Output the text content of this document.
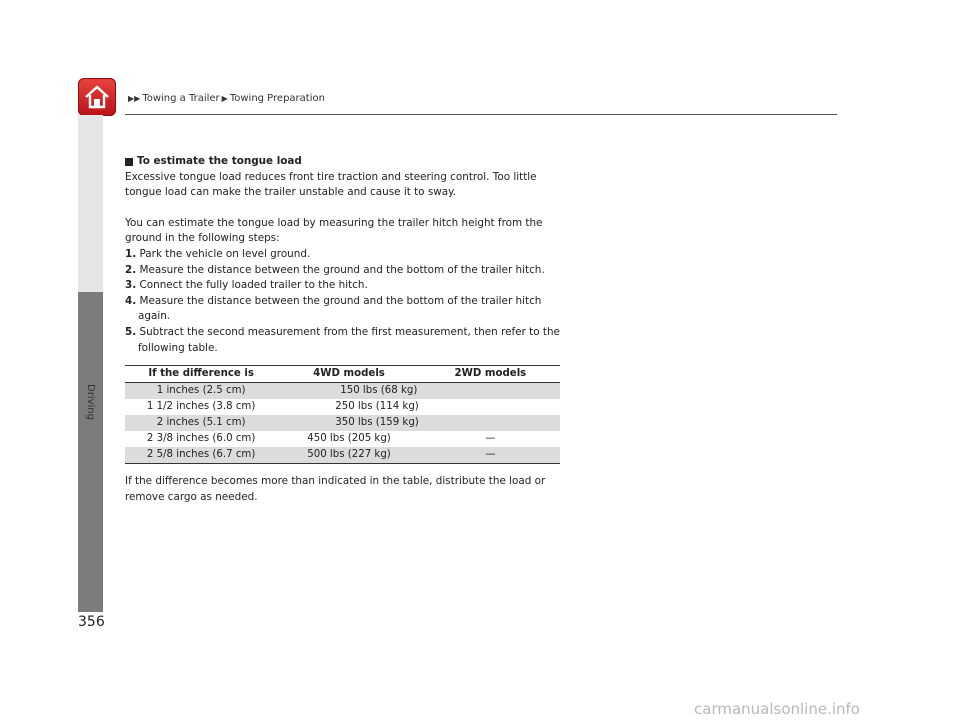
▶▶ Towing a Trailer ▶ Towing Preparation
Driving
356
To estimate the tongue load

Excessive tongue load reduces front tire traction and steering control. Too little tongue load can make the trailer unstable and cause it to sway.

You can estimate the tongue load by measuring the trailer hitch height from the ground in the following steps:

1. Park the vehicle on level ground.
2. Measure the distance between the ground and the bottom of the trailer hitch.
3. Connect the fully loaded trailer to the hitch.
4. Measure the distance between the ground and the bottom of the trailer hitch again.
5. Subtract the second measurement from the first measurement, then refer to the following table.
If the difference is	4WD models	2WD models
1 inches (2.5 cm)	150 lbs (68 kg)	
1 1/2 inches (3.8 cm)	250 lbs (114 kg)	
2 inches (5.1 cm)	350 lbs (159 kg)	
2 3/8 inches (6.0 cm)	450 lbs (205 kg)	—
2 5/8 inches (6.7 cm)	500 lbs (227 kg)	—

If the difference becomes more than indicated in the table, distribute the load or remove cargo as needed.

carmanualsonline.info
